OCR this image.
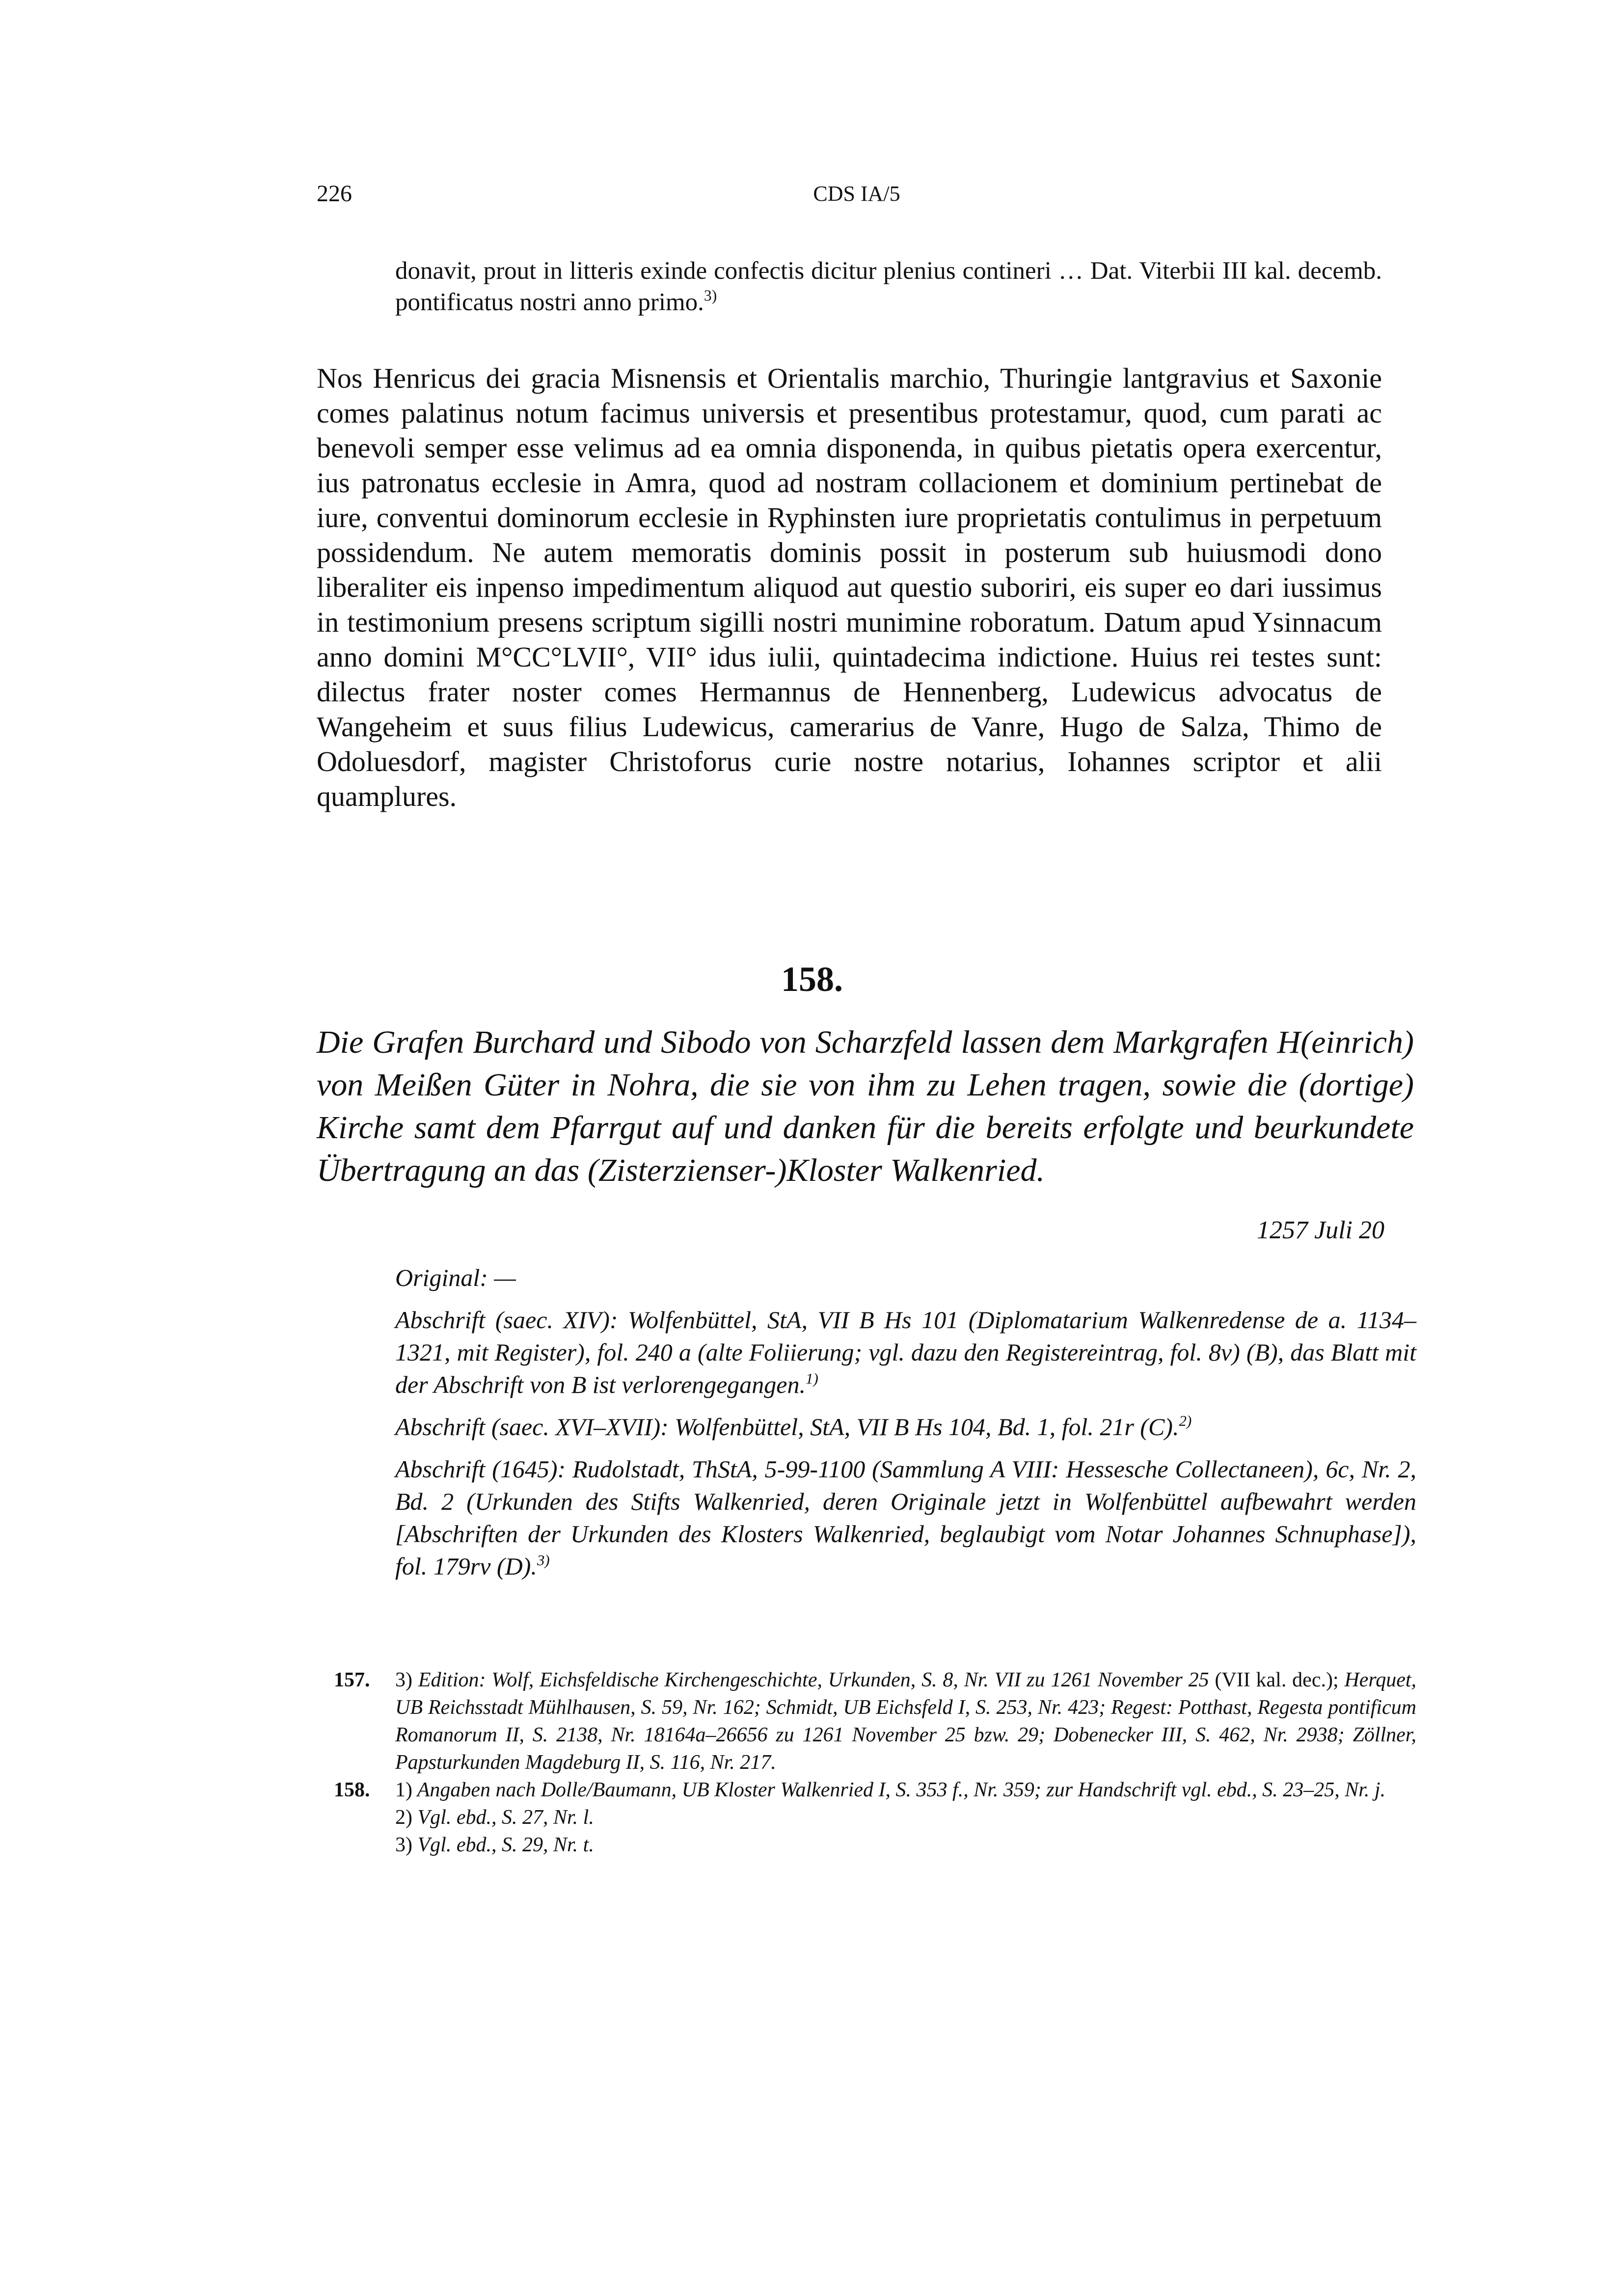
226	CDS IA/5
donavit, prout in litteris exinde confectis dicitur plenius contineri … Dat. Viterbii III kal. decemb. pontificatus nostri anno primo.$^{3)}$
Nos Henricus dei gracia Misnensis et Orientalis marchio, Thuringie lantgravius et Saxonie comes palatinus notum facimus universis et presentibus protestamur, quod, cum parati ac benevoli semper esse velimus ad ea omnia disponenda, in quibus pietatis opera exercentur, ius patronatus ecclesie in Amra, quod ad nostram collacionem et dominium pertinebat de iure, conventui dominorum ecclesie in Ryphinsten iure proprietatis contulimus in perpetuum possidendum. Ne autem memoratis dominis possit in posterum sub huiusmodi dono liberaliter eis inpenso impedimentum aliquod aut questio suboriri, eis super eo dari iussimus in testimonium presens scriptum sigilli nostri munimine roboratum. Datum apud Ysinnacum anno domini M°CC°LVII°, VII° idus iulii, quintadecima indictione. Huius rei testes sunt: dilectus frater noster comes Hermannus de Hennenberg, Ludewicus advocatus de Wangeheim et suus filius Ludewicus, camerarius de Vanre, Hugo de Salza, Thimo de Odoluesdorf, magister Christoforus curie nostre notarius, Iohannes scriptor et alii quamplures.
158.
Die Grafen Burchard und Sibodo von Scharzfeld lassen dem Markgrafen H(einrich) von Meißen Güter in Nohra, die sie von ihm zu Lehen tragen, sowie die (dortige) Kirche samt dem Pfarrgut auf und danken für die bereits erfolgte und beurkundete Übertragung an das (Zisterzienser-)Kloster Walkenried.
1257 Juli 20

Original: —

Abschrift (saec. XIV): Wolfenbüttel, StA, VII B Hs 101 (Diplomatarium Walkenredense de a. 1134–1321, mit Register), fol. 240 a (alte Foliierung; vgl. dazu den Registereintrag, fol. 8v) (B), das Blatt mit der Abschrift von B ist verlorengegangen.$^{1)}$

Abschrift (saec. XVI–XVII): Wolfenbüttel, StA, VII B Hs 104, Bd. 1, fol. 21r (C).$^{2)}$

Abschrift (1645): Rudolstadt, ThStA, 5-99-1100 (Sammlung A VIII: Hessesche Collectaneen), 6c, Nr. 2, Bd. 2 (Urkunden des Stifts Walkenried, deren Originale jetzt in Wolfenbüttel aufbewahrt werden [Abschriften der Urkunden des Klosters Walkenried, beglaubigt vom Notar Johannes Schnuphase]), fol. 179rv (D).$^{3)}$

157. 3) Edition: Wolf, Eichsfeldische Kirchengeschichte, Urkunden, S. 8, Nr. VII zu 1261 November 25 (VII kal. dec.); Herquet, UB Reichsstadt Mühlhausen, S. 59, Nr. 162; Schmidt, UB Eichsfeld I, S. 253, Nr. 423; Regest: Potthast, Regesta pontificum Romanorum II, S. 2138, Nr. 18164a–26656 zu 1261 November 25 bzw. 29; Dobenecker III, S. 462, Nr. 2938; Zöllner, Papsturkunden Magdeburg II, S. 116, Nr. 217.
158. 1) Angaben nach Dolle/Baumann, UB Kloster Walkenried I, S. 353 f., Nr. 359; zur Handschrift vgl. ebd., S. 23–25, Nr. j.
2) Vgl. ebd., S. 27, Nr. l.
3) Vgl. ebd., S. 29, Nr. t.
